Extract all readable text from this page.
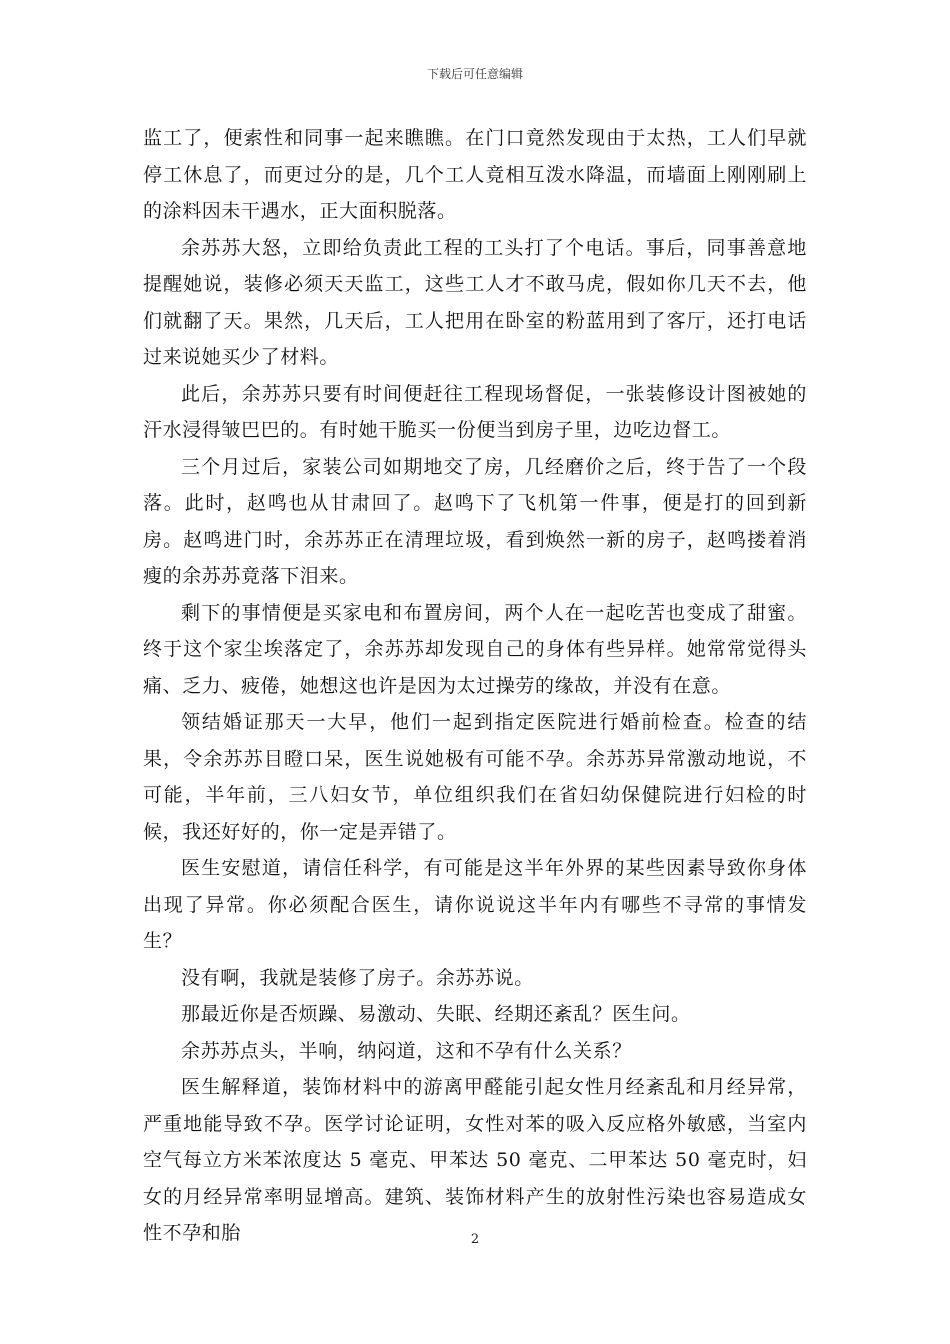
下载后可任意编辑

监工了，便索性和同事一起来瞧瞧。在门口竟然发现由于太热，工人们早就停工休息了，而更过分的是，几个工人竟相互泼水降温，而墙面上刚刚刷上的涂料因未干遇水，正大面积脱落。

余苏苏大怒，立即给负责此工程的工头打了个电话。事后，同事善意地提醒她说，装修必须天天监工，这些工人才不敢马虎，假如你几天不去，他们就翻了天。果然，几天后，工人把用在卧室的粉蓝用到了客厅，还打电话过来说她买少了材料。

此后，余苏苏只要有时间便赶往工程现场督促，一张装修设计图被她的汗水浸得皱巴巴的。有时她干脆买一份便当到房子里，边吃边督工。

三个月过后，家装公司如期地交了房，几经磨价之后，终于告了一个段落。此时，赵鸣也从甘肃回了。赵鸣下了飞机第一件事，便是打的回到新房。赵鸣进门时，余苏苏正在清理垃圾，看到焕然一新的房子，赵鸣搂着消瘦的余苏苏竟落下泪来。

剩下的事情便是买家电和布置房间，两个人在一起吃苦也变成了甜蜜。终于这个家尘埃落定了，余苏苏却发现自己的身体有些异样。她常常觉得头痛、乏力、疲倦，她想这也许是因为太过操劳的缘故，并没有在意。

领结婚证那天一大早，他们一起到指定医院进行婚前检查。检查的结果，令余苏苏目瞪口呆，医生说她极有可能不孕。余苏苏异常激动地说，不可能，半年前，三八妇女节，单位组织我们在省妇幼保健院进行妇检的时候，我还好好的，你一定是弄错了。

医生安慰道，请信任科学，有可能是这半年外界的某些因素导致你身体出现了异常。你必须配合医生，请你说说这半年内有哪些不寻常的事情发生？

没有啊，我就是装修了房子。余苏苏说。

那最近你是否烦躁、易激动、失眠、经期还紊乱？医生问。

余苏苏点头，半响，纳闷道，这和不孕有什么关系？

医生解释道，装饰材料中的游离甲醛能引起女性月经紊乱和月经异常，严重地能导致不孕。医学讨论证明，女性对苯的吸入反应格外敏感，当室内空气每立方米苯浓度达 5 毫克、甲苯达 50 毫克、二甲苯达 50 毫克时，妇女的月经异常率明显增高。建筑、装饰材料产生的放射性污染也容易造成女性不孕和胎	2
